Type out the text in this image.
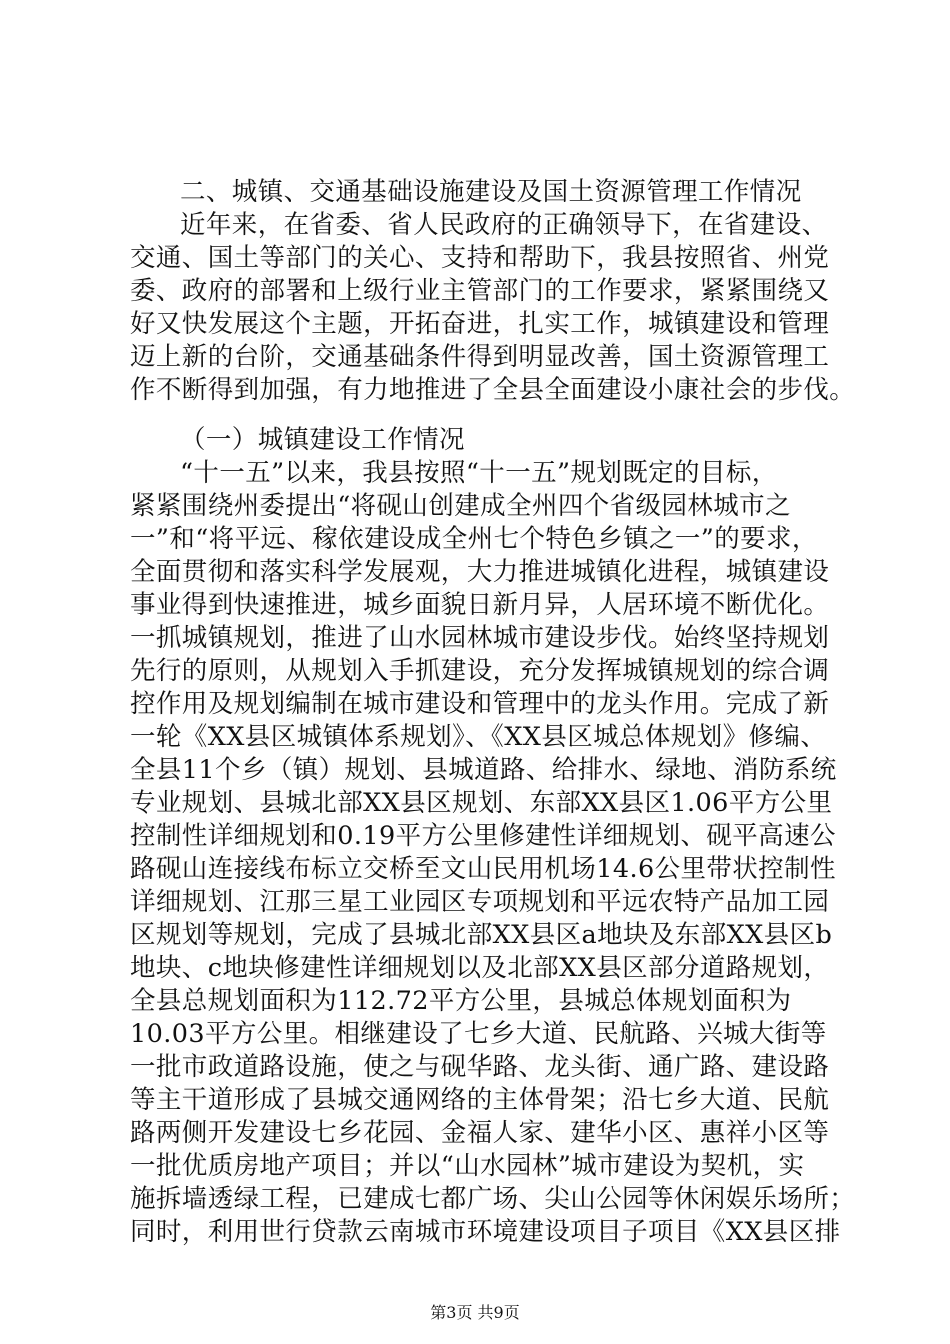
二、城镇、交通基础设施建设及国土资源管理工作情况
近年来，在省委、省人民政府的正确领导下，在省建设、
交通、国土等部门的关心、支持和帮助下，我县按照省、州党
委、政府的部署和上级行业主管部门的工作要求，紧紧围绕又
好又快发展这个主题，开拓奋进，扎实工作，城镇建设和管理
迈上新的台阶，交通基础条件得到明显改善，国土资源管理工
作不断得到加强，有力地推进了全县全面建设小康社会的步伐。
（一）城镇建设工作情况
“十一五”以来，我县按照“十一五”规划既定的目标，
紧紧围绕州委提出“将砚山创建成全州四个省级园林城市之
一”和“将平远、稼依建设成全州七个特色乡镇之一”的要求，
全面贯彻和落实科学发展观，大力推进城镇化进程，城镇建设
事业得到快速推进，城乡面貌日新月异，人居环境不断优化。
一抓城镇规划，推进了山水园林城市建设步伐。始终坚持规划
先行的原则，从规划入手抓建设，充分发挥城镇规划的综合调
控作用及规划编制在城市建设和管理中的龙头作用。完成了新
一轮《XX县区城镇体系规划》、《XX县区城总体规划》修编、
全县11个乡（镇）规划、县城道路、给排水、绿地、消防系统
专业规划、县城北部XX县区规划、东部XX县区1.06平方公里
控制性详细规划和0.19平方公里修建性详细规划、砚平高速公
路砚山连接线布标立交桥至文山民用机场14.6公里带状控制性
详细规划、江那三星工业园区专项规划和平远农特产品加工园
区规划等规划，完成了县城北部XX县区a地块及东部XX县区b
地块、c地块修建性详细规划以及北部XX县区部分道路规划，
全县总规划面积为112.72平方公里，县城总体规划面积为
10.03平方公里。相继建设了七乡大道、民航路、兴城大街等
一批市政道路设施，使之与砚华路、龙头街、通广路、建设路
等主干道形成了县城交通网络的主体骨架；沿七乡大道、民航
路两侧开发建设七乡花园、金福人家、建华小区、惠祥小区等
一批优质房地产项目；并以“山水园林”城市建设为契机，实
施拆墙透绿工程，已建成七都广场、尖山公园等休闲娱乐场所；
同时，利用世行贷款云南城市环境建设项目子项目《XX县区排
第3页 共9页
